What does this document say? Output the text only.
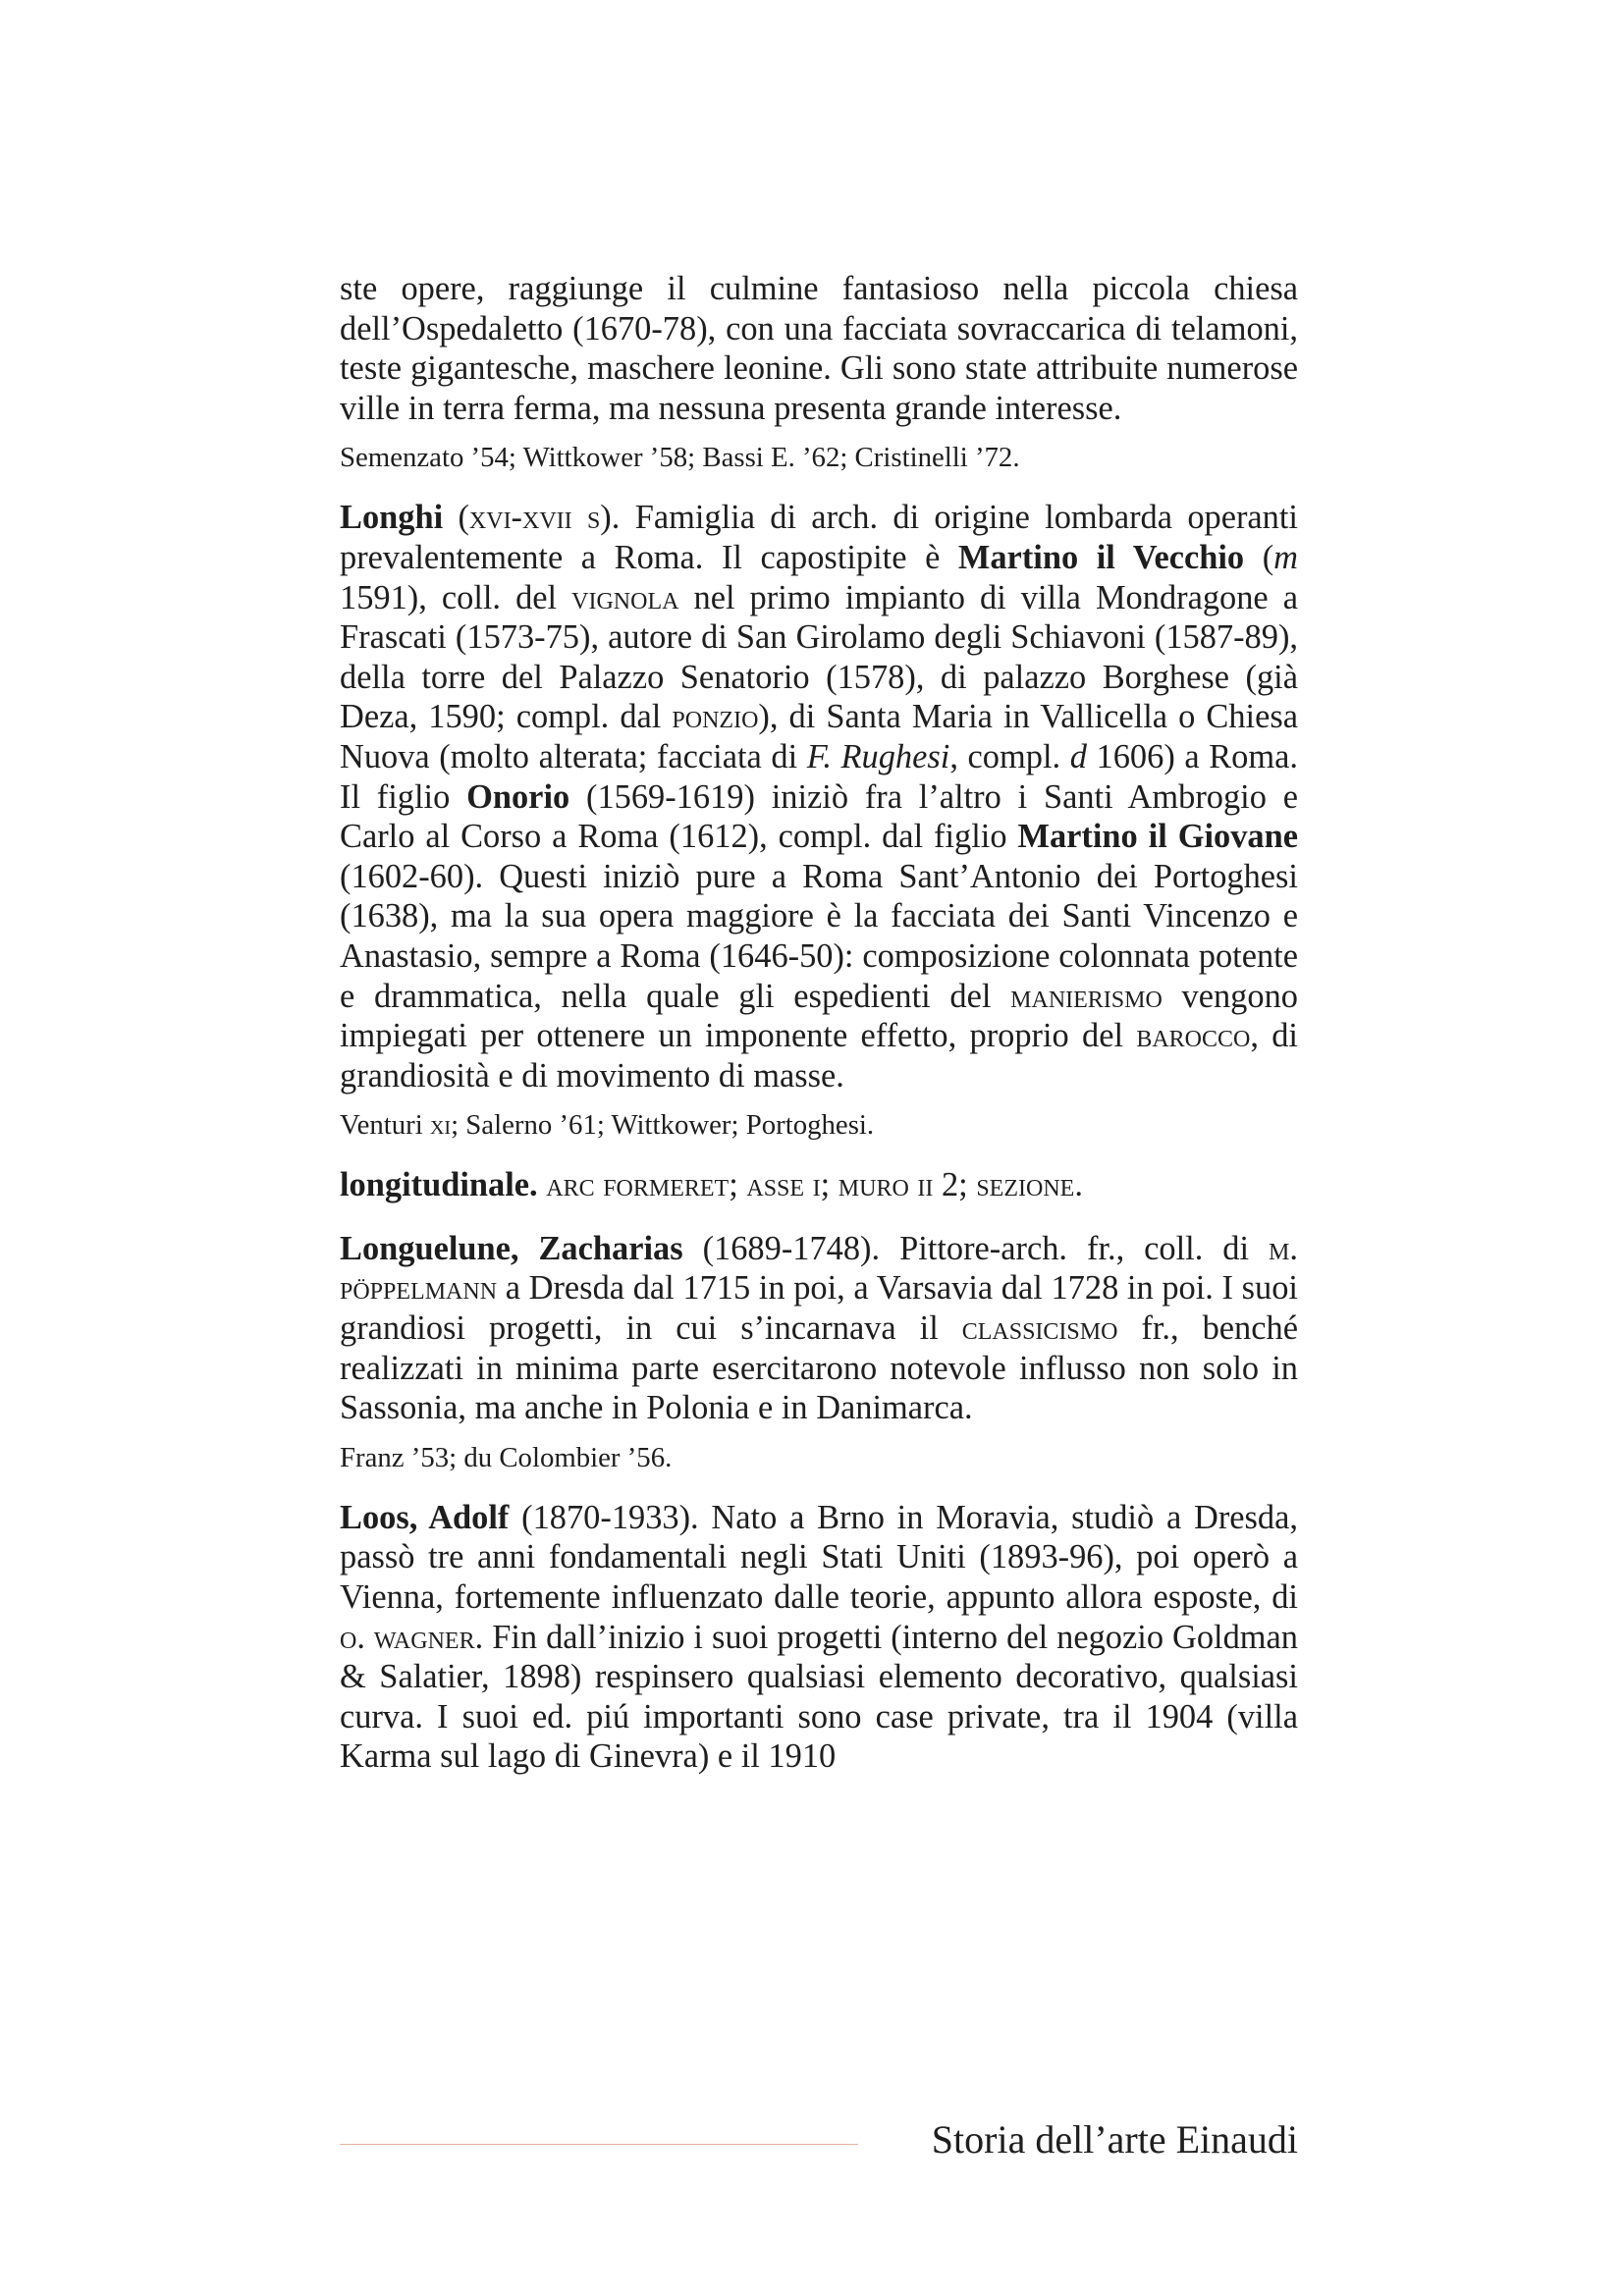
ste opere, raggiunge il culmine fantasioso nella piccola chiesa dell’Ospedaletto (1670-78), con una facciata sovraccarica di telamoni, teste gigantesche, maschere leonine. Gli sono state attribuite numerose ville in terra ferma, ma nessuna presenta grande interesse.

Semenzato ’54; Wittkower ’58; Bassi E. ’62; Cristinelli ’72.

Longhi (xvi-xvii s). Famiglia di arch. di origine lombarda operanti prevalentemente a Roma. Il capostipite è Martino il Vecchio (m 1591), coll. del vignola nel primo impianto di villa Mondragone a Frascati (1573-75), autore di San Girolamo degli Schiavoni (1587-89), della torre del Palazzo Senatorio (1578), di palazzo Borghese (già Deza, 1590; compl. dal ponzio), di Santa Maria in Vallicella o Chiesa Nuova (molto alterata; facciata di F. Rughesi, compl. d 1606) a Roma. Il figlio Onorio (1569-1619) iniziò fra l’altro i Santi Ambrogio e Carlo al Corso a Roma (1612), compl. dal figlio Martino il Giovane (1602-60). Questi iniziò pure a Roma Sant’Antonio dei Portoghesi (1638), ma la sua opera maggiore è la facciata dei Santi Vincenzo e Anastasio, sempre a Roma (1646-50): composizione colonnata potente e drammatica, nella quale gli espedienti del manierismo vengono impiegati per ottenere un imponente effetto, proprio del barocco, di grandiosità e di movimento di masse.

Venturi xi; Salerno ’61; Wittkower; Portoghesi.

longitudinale. arc formeret; asse i; muro ii 2; sezione.

Longuelune, Zacharias (1689-1748). Pittore-arch. fr., coll. di m. pöppelmann a Dresda dal 1715 in poi, a Varsavia dal 1728 in poi. I suoi grandiosi progetti, in cui s’incarnava il classicismo fr., benché realizzati in minima parte esercitarono notevole influsso non solo in Sassonia, ma anche in Polonia e in Danimarca.

Franz ’53; du Colombier ’56.

Loos, Adolf (1870-1933). Nato a Brno in Moravia, studiò a Dresda, passò tre anni fondamentali negli Stati Uniti (1893-96), poi operò a Vienna, fortemente influenzato dalle teorie, appunto allora esposte, di o. wagner. Fin dall’inizio i suoi progetti (interno del negozio Goldman & Salatier, 1898) respinsero qualsiasi elemento decorativo, qualsiasi curva. I suoi ed. piú importanti sono case private, tra il 1904 (villa Karma sul lago di Ginevra) e il 1910

Storia dell’arte Einaudi
